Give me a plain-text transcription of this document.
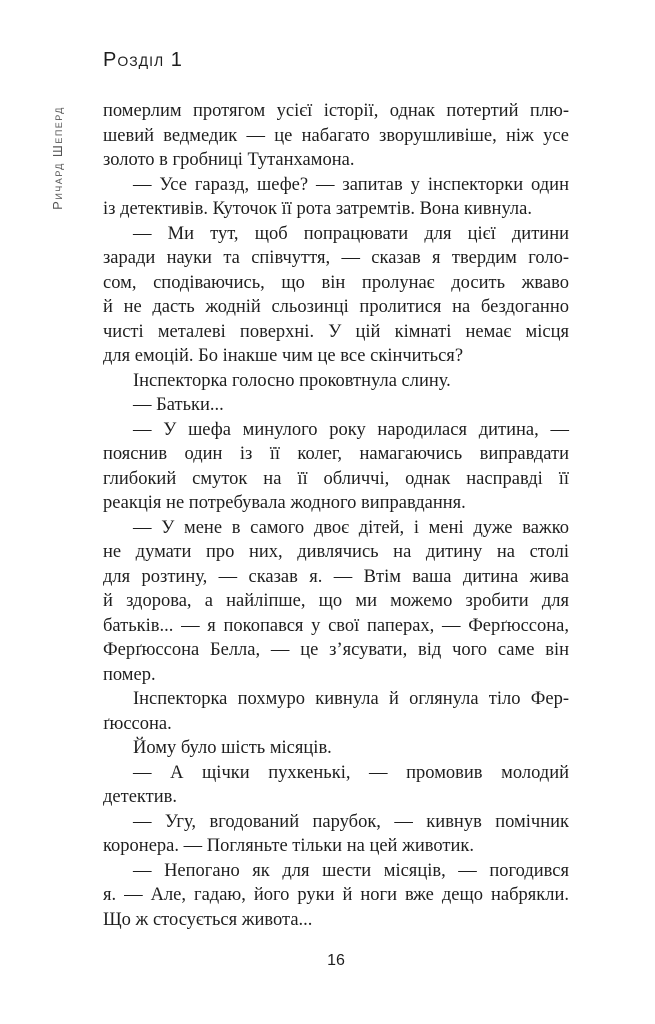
Розділ 1
Ричард Шеперд померлим протягом усієї історії, однак потертий плю-
шевий ведмедик — це набагато зворушливіше, ніж усе
золото в гробниці Тутанхамона.
— Усе гаразд, шефе? — запитав у інспекторки один
із детективів. Куточок її рота затремтів. Вона кивнула.
— Ми тут, щоб попрацювати для цієї дитини
заради науки та співчуття, — сказав я твердим голо-
сом, сподіваючись, що він пролунає досить жваво
й не дасть жодній сльозинці пролитися на бездоганно
чисті металеві поверхні. У цій кімнаті немає місця
для емоцій. Бо інакше чим це все скінчиться?
Інспекторка голосно проковтнула слину.
— Батьки...
— У шефа минулого року народилася дитина, —
пояснив один із її колег, намагаючись виправдати
глибокий смуток на її обличчі, однак насправді її
реакція не потребувала жодного виправдання.
— У мене в самого двоє дітей, і мені дуже важко
не думати про них, дивлячись на дитину на столі
для розтину, — сказав я. — Втім ваша дитина жива
й здорова, а найліпше, що ми можемо зробити для
батьків... — я покопався у свої паперах, — Ферґюссона,
Ферґюссона Белла, — це з’ясувати, від чого саме він
помер.
Інспекторка похмуро кивнула й оглянула тіло Фер-
ґюссона.
Йому було шість місяців.
— А щічки пухкенькі, — промовив молодий
детектив.
— Угу, вгодований парубок, — кивнув помічник
коронера. — Погляньте тільки на цей животик.
— Непогано як для шести місяців, — погодився
я. — Але, гадаю, його руки й ноги вже дещо набрякли.
Що ж стосується живота...
16
